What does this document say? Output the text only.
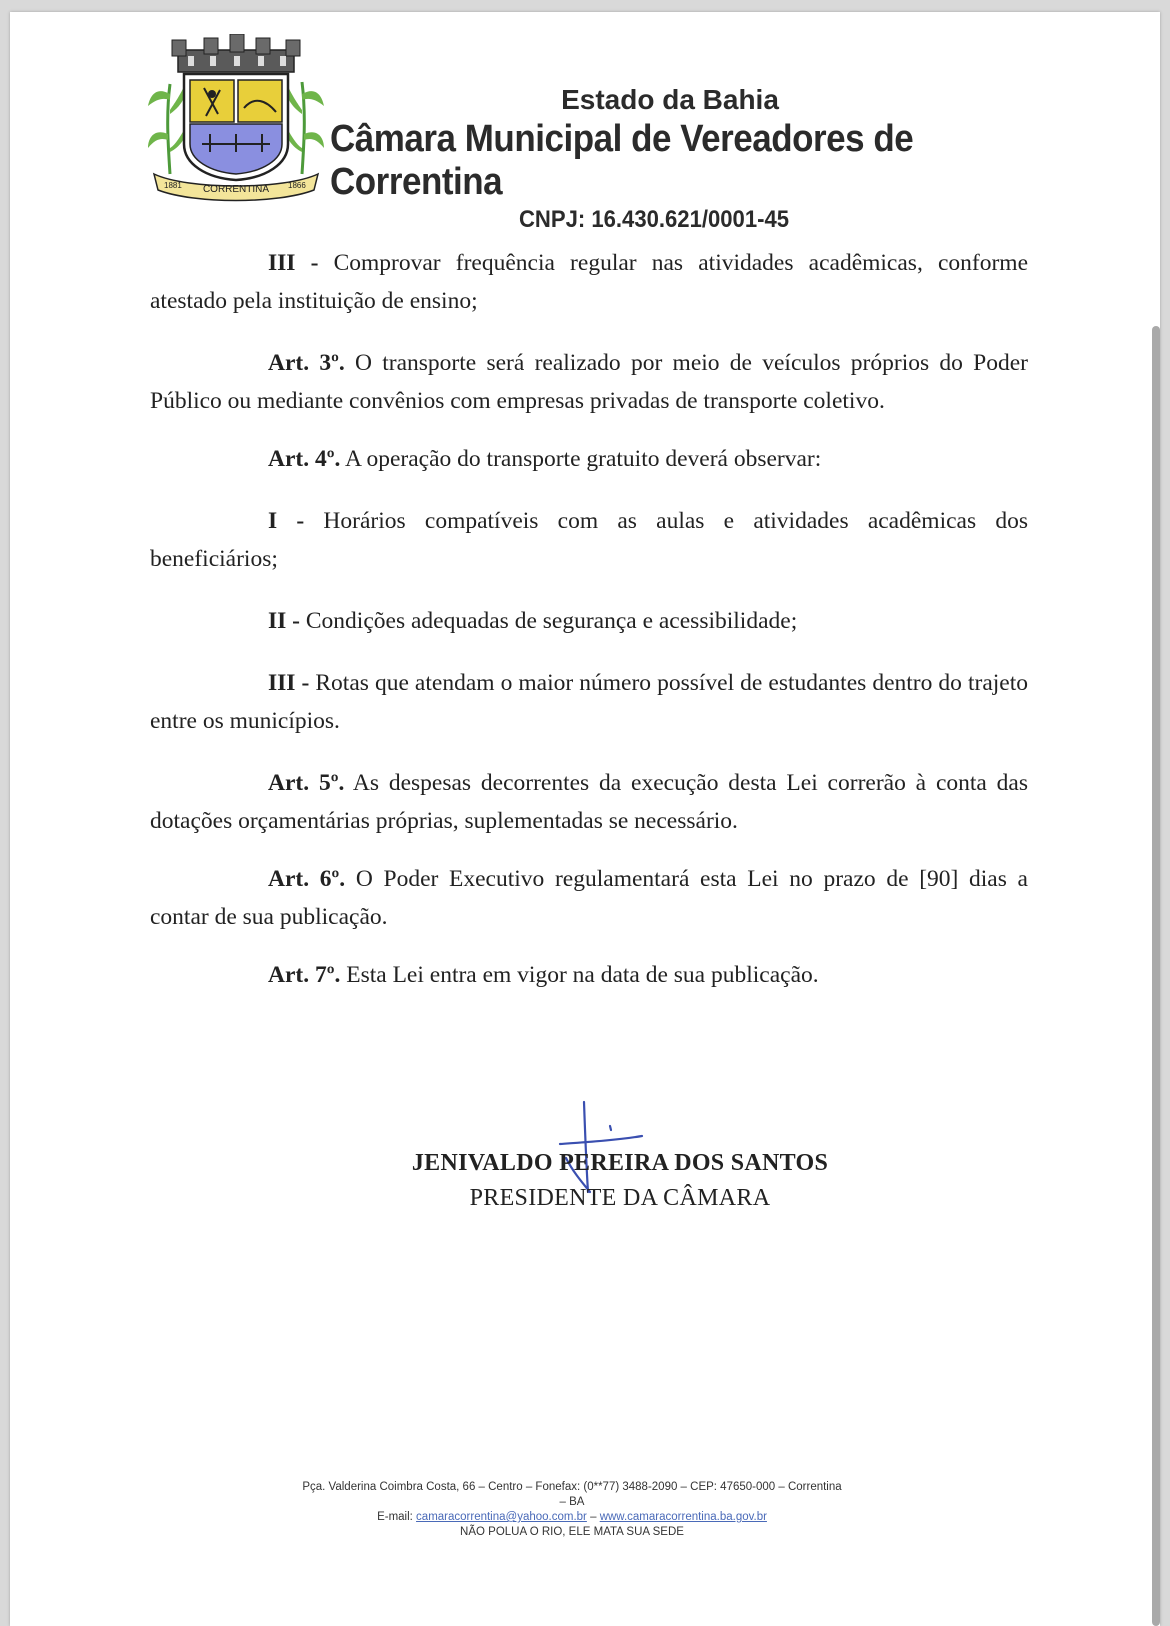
1881 CORRENTINA 1866
Estado da Bahia
Câmara Municipal de Vereadores de Correntina
CNPJ: 16.430.621/0001-45

III - Comprovar frequência regular nas atividades acadêmicas, conforme atestado pela instituição de ensino;

Art. 3º. O transporte será realizado por meio de veículos próprios do Poder Público ou mediante convênios com empresas privadas de transporte coletivo.

Art. 4º. A operação do transporte gratuito deverá observar:

I - Horários compatíveis com as aulas e atividades acadêmicas dos beneficiários;

II - Condições adequadas de segurança e acessibilidade;

III - Rotas que atendam o maior número possível de estudantes dentro do trajeto entre os municípios.

Art. 5º. As despesas decorrentes da execução desta Lei correrão à conta das dotações orçamentárias próprias, suplementadas se necessário.

Art. 6º. O Poder Executivo regulamentará esta Lei no prazo de [90] dias a contar de sua publicação.

Art. 7º. Esta Lei entra em vigor na data de sua publicação.

JENIVALDO PEREIRA DOS SANTOS
PRESIDENTE DA CÂMARA
Pça. Valderina Coimbra Costa, 66 – Centro – Fonefax: (0**77) 3488-2090 – CEP: 47650-000 – Correntina – BA
E-mail: camaracorrentina@yahoo.com.br – www.camaracorrentina.ba.gov.br
NÃO POLUA O RIO, ELE MATA SUA SEDE
